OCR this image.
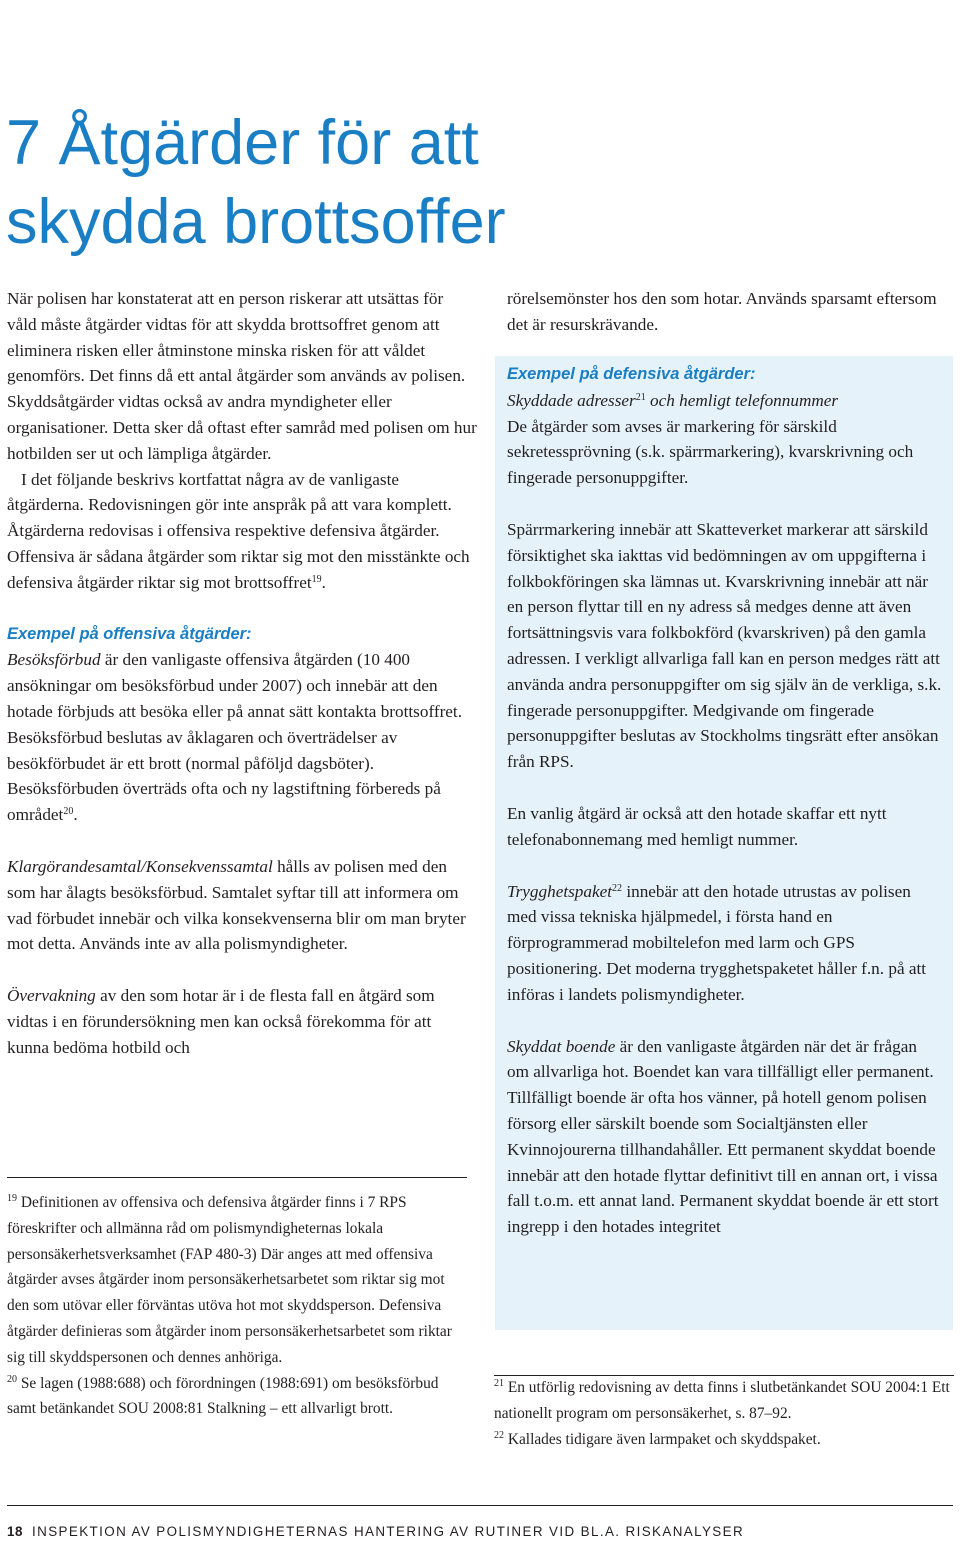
7 Åtgärder för att skydda brottsoffer

När polisen har konstaterat att en person riskerar att utsättas för våld måste åtgärder vidtas för att skydda brottsoffret genom att eliminera risken eller åtminstone minska risken för att våldet genomförs. Det finns då ett antal åtgärder som används av polisen. Skyddsåtgärder vidtas också av andra myndigheter eller organisationer. Detta sker då oftast efter samråd med polisen om hur hotbilden ser ut och lämpliga åtgärder.

I det följande beskrivs kortfattat några av de vanligaste åtgärderna. Redovisningen gör inte anspråk på att vara komplett. Åtgärderna redovisas i offensiva respektive defensiva åtgärder. Offensiva är sådana åtgärder som riktar sig mot den misstänkte och defensiva åtgärder riktar sig mot brottsoffret$^{19}$.

Exempel på offensiva åtgärder:

Besöksförbud är den vanligaste offensiva åtgärden (10 400 ansökningar om besöksförbud under 2007) och innebär att den hotade förbjuds att besöka eller på annat sätt kontakta brottsoffret. Besöksförbud beslutas av åklagaren och överträdelser av besökförbudet är ett brott (normal påföljd dagsböter). Besöksförbuden överträds ofta och ny lagstiftning förbereds på området$^{20}$.

Klargörandesamtal/Konsekvenssamtal hålls av polisen med den som har ålagts besöksförbud. Samtalet syftar till att informera om vad förbudet innebär och vilka konsekvenserna blir om man bryter mot detta. Används inte av alla polismyndigheter.

Övervakning av den som hotar är i de flesta fall en åtgärd som vidtas i en förundersökning men kan också förekomma för att kunna bedöma hotbild och

rörelsemönster hos den som hotar. Används sparsamt eftersom det är resurskrävande.

Exempel på defensiva åtgärder:

Skyddade adresser$^{21}$ och hemligt telefonnummer

De åtgärder som avses är markering för särskild sekretessprövning (s.k. spärrmarkering), kvarskrivning och fingerade personuppgifter.

Spärrmarkering innebär att Skatteverket markerar att särskild försiktighet ska iakttas vid bedömningen av om uppgifterna i folkbokföringen ska lämnas ut. Kvarskrivning innebär att när en person flyttar till en ny adress så medges denne att även fortsättningsvis vara folkbokförd (kvarskriven) på den gamla adressen. I verkligt allvarliga fall kan en person medges rätt att använda andra personuppgifter om sig själv än de verkliga, s.k. fingerade personuppgifter. Medgivande om fingerade personuppgifter beslutas av Stockholms tingsrätt efter ansökan från RPS.

En vanlig åtgärd är också att den hotade skaffar ett nytt telefonabonnemang med hemligt nummer.

Trygghetspaket$^{22}$ innebär att den hotade utrustas av polisen med vissa tekniska hjälpmedel, i första hand en förprogrammerad mobiltelefon med larm och GPS positionering. Det moderna trygghetspaketet håller f.n. på att införas i landets polismyndigheter.

Skyddat boende är den vanligaste åtgärden när det är frågan om allvarliga hot. Boendet kan vara tillfälligt eller permanent. Tillfälligt boende är ofta hos vänner, på hotell genom polisen försorg eller särskilt boende som Socialtjänsten eller Kvinnojourerna tillhandahåller. Ett permanent skyddat boende innebär att den hotade flyttar definitivt till en annan ort, i vissa fall t.o.m. ett annat land. Permanent skyddat boende är ett stort ingrepp i den hotades integritet

$^{19}$ Definitionen av offensiva och defensiva åtgärder finns i 7 RPS föreskrifter och allmänna råd om polismyndigheternas lokala personsäkerhetsverksamhet (FAP 480-3) Där anges att med offensiva åtgärder avses åtgärder inom personsäkerhetsarbetet som riktar sig mot den som utövar eller förväntas utöva hot mot skyddsperson. Defensiva åtgärder definieras som åtgärder inom personsäkerhetsarbetet som riktar sig till skyddspersonen och dennes anhöriga.

$^{20}$ Se lagen (1988:688) och förordningen (1988:691) om besöksförbud samt betänkandet SOU 2008:81 Stalkning – ett allvarligt brott.

$^{21}$ En utförlig redovisning av detta finns i slutbetänkandet SOU 2004:1 Ett nationellt program om personsäkerhet, s. 87–92.

$^{22}$ Kallades tidigare även larmpaket och skyddspaket.

18 INSPEKTION AV POLISMYNDIGHETERNAS HANTERING AV RUTINER VID BL.A. RISKANALYSER
